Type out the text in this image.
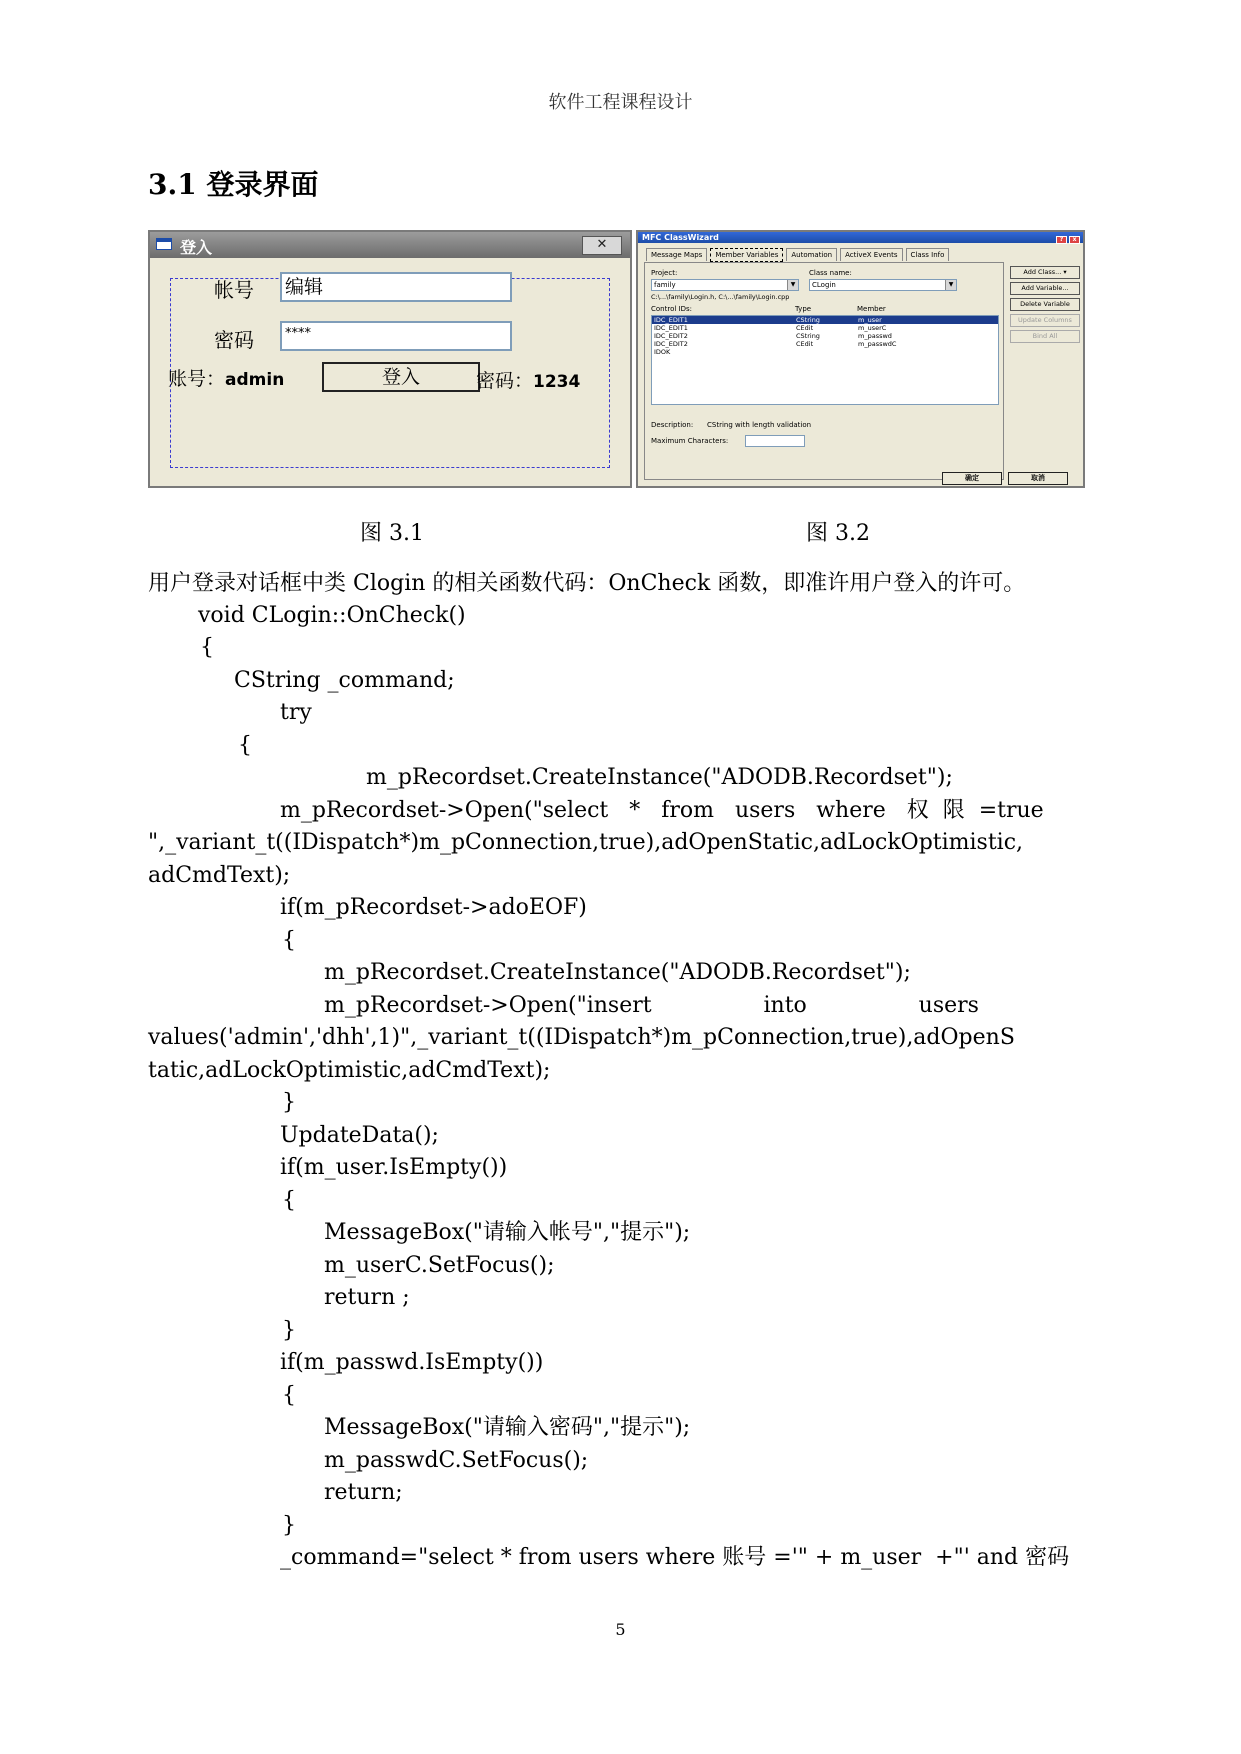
软件工程课程设计
3.1 登录界面
登入	✕
帐号 编辑
密码	****
登入
账号：admin	密码：1234
MFC ClassWizard	? x
Message Maps Member Variables Automation ActiveX Events Class Info
Project:
family	▼
Class name:
CLogin	▼
C:\...\family\Login.h, C:\...\family\Login.cpp
Control IDs:	Type	Member
IDC_EDIT1	CString	m_user
IDC_EDIT1	CEdit	m_userC
IDC_EDIT2	CString	m_passwd
IDC_EDIT2	CEdit	m_passwdC
IDOK
Description: CString with length validation
Maximum Characters:
Add Class... ▾
Add Variable...
Delete Variable
Update Columns
Bind All
确定	取消
图 3.1	图 3.2
用户登录对话框中类 Clogin 的相关函数代码：OnCheck 函数，即准许用户登入的许可。
void CLogin::OnCheck()
{
CString _command;
try
{
m_pRecordset.CreateInstance("ADODB.Recordset");
m_pRecordset->Open("select   *   from   users   where   权  限  =true
",_variant_t((IDispatch*)m_pConnection,true),adOpenStatic,adLockOptimistic,
adCmdText);
if(m_pRecordset->adoEOF)
{
m_pRecordset.CreateInstance("ADODB.Recordset");
m_pRecordset->Open("insert                into                users
values('admin','dhh',1)",_variant_t((IDispatch*)m_pConnection,true),adOpenS
tatic,adLockOptimistic,adCmdText);
}
UpdateData();
if(m_user.IsEmpty())
{
MessageBox("请输入帐号","提示");
m_userC.SetFocus();
return ;
}
if(m_passwd.IsEmpty())
{
MessageBox("请输入密码","提示");
m_passwdC.SetFocus();
return;
}
_command="select * from users where 账号 ='" + m_user  +"' and 密码
5
